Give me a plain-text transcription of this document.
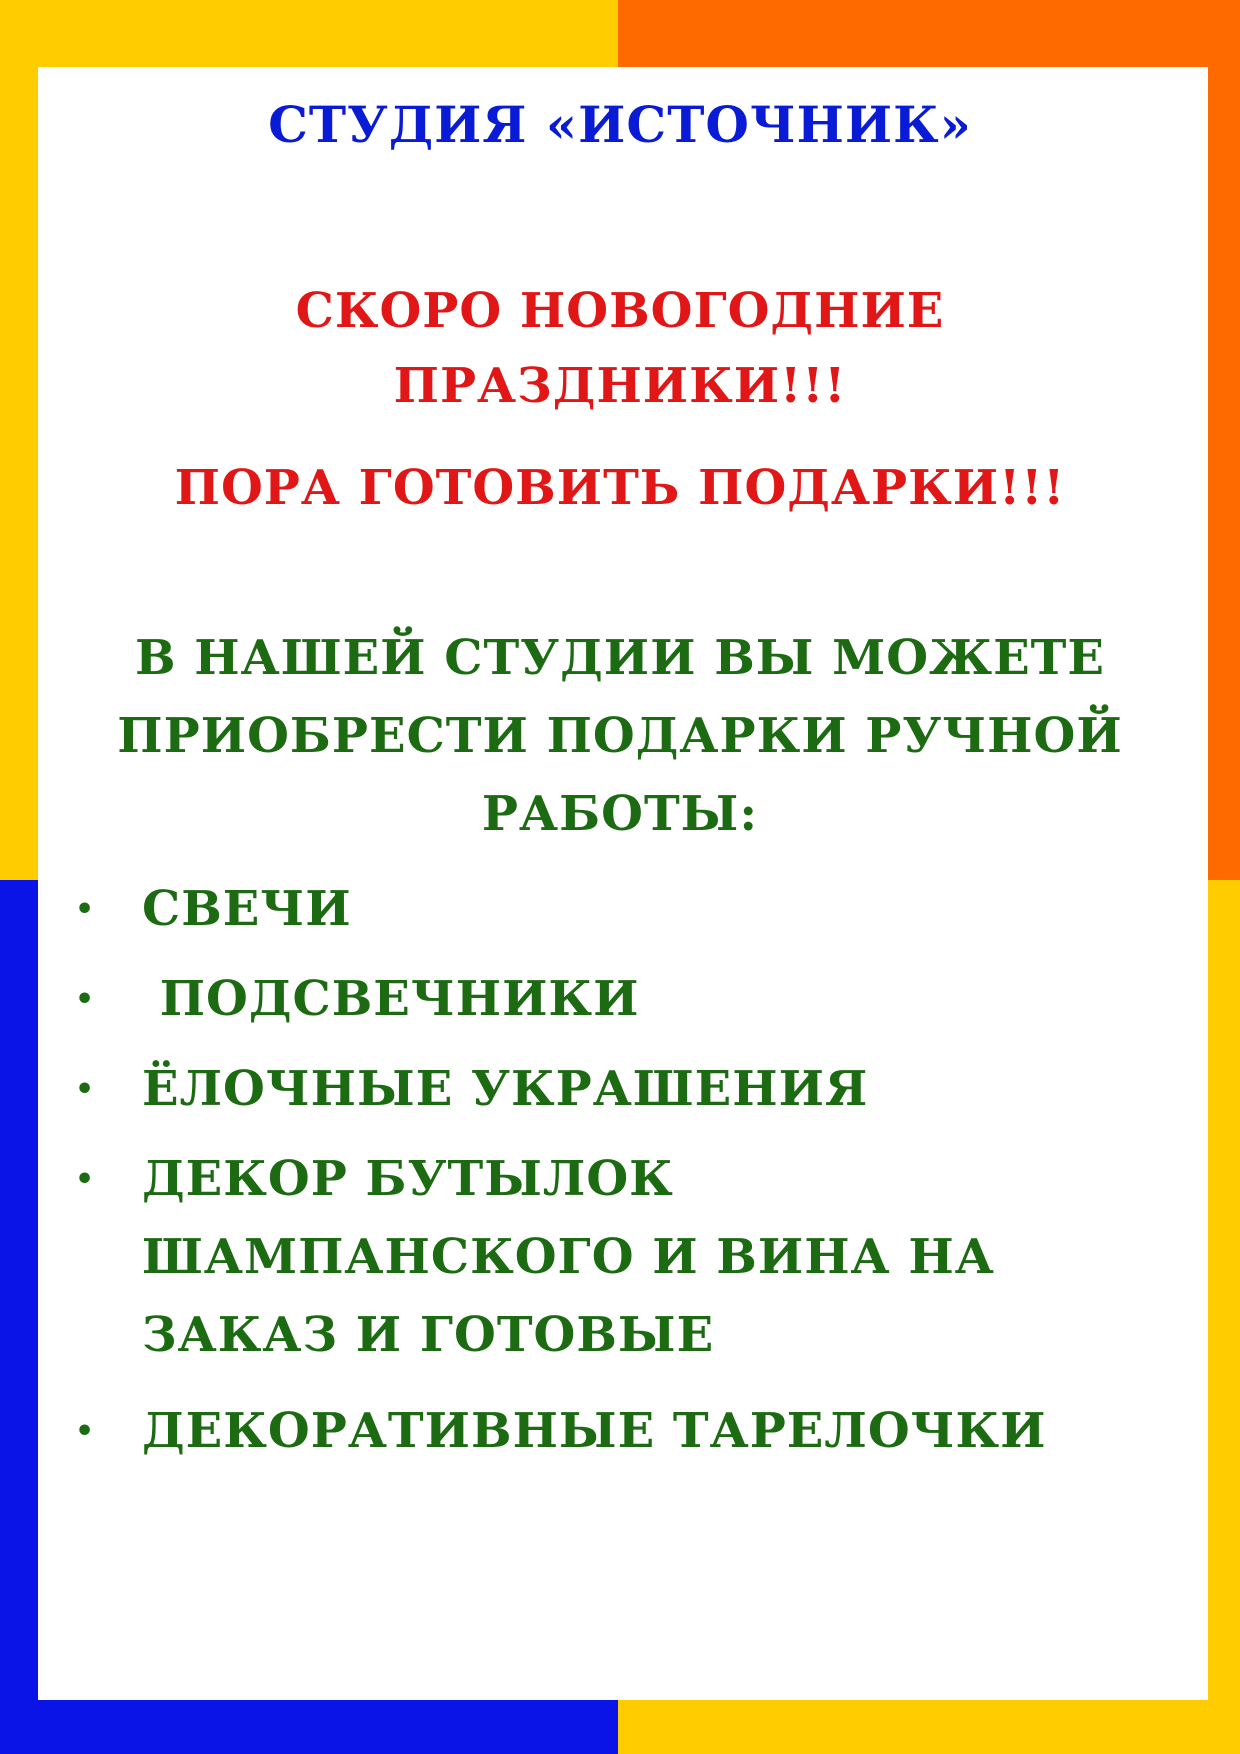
СТУДИЯ «ИСТОЧНИК»

СКОРО НОВОГОДНИЕ

ПРАЗДНИКИ!!!

ПОРА ГОТОВИТЬ ПОДАРКИ!!!

В НАШЕЙ СТУДИИ ВЫ МОЖЕТЕ

ПРИОБРЕСТИ ПОДАРКИ РУЧНОЙ

РАБОТЫ:

• СВЕЧИ
• ПОДСВЕЧНИКИ
• ЁЛОЧНЫЕ УКРАШЕНИЯ
• ДЕКОР БУТЫЛОК
ШАМПАНСКОГО И ВИНА НА
ЗАКАЗ И ГОТОВЫЕ
• ДЕКОРАТИВНЫЕ ТАРЕЛОЧКИ
